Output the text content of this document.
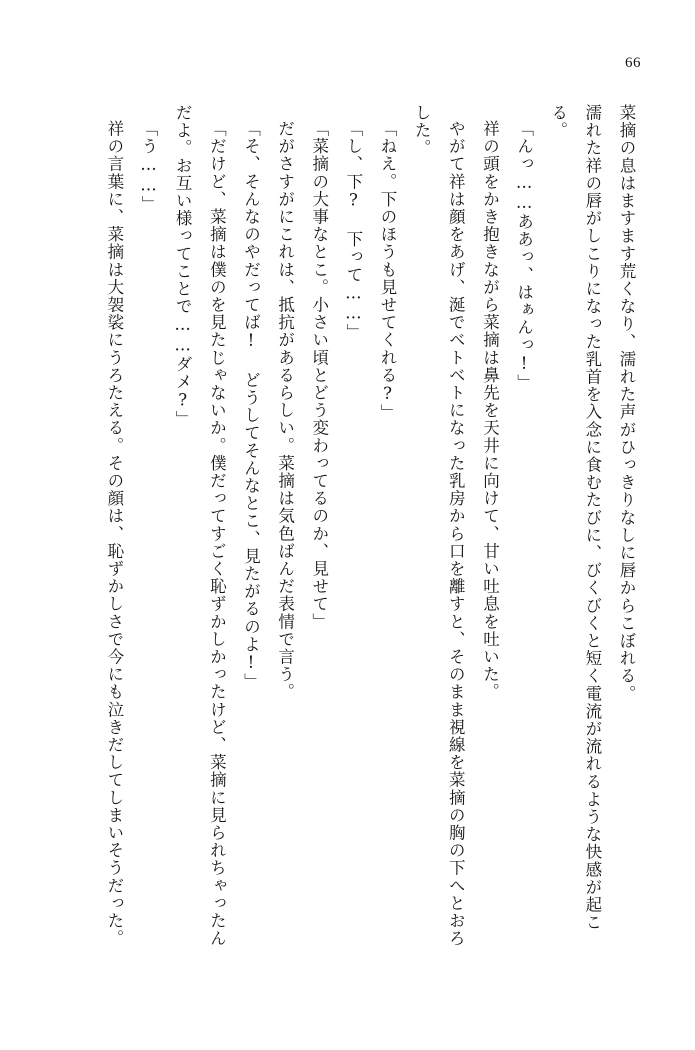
66

菜摘の息はますます荒くなり、濡れた声がひっきりなしに唇からこぼれる。

濡れた祥の唇がしこりになった乳首を入念に食むたびに、びくびくと短く電流が流れるような快感が起こる。

「んっ……ああっ、はぁんっ!」

祥の頭をかき抱きながら菜摘は鼻先を天井に向けて、甘い吐息を吐いた。

やがて祥は顔をあげ、涎でベトベトになった乳房から口を離すと、そのまま視線を菜摘の胸の下へとおろした。

「ねえ。下のほうも見せてくれる?」

「し、下? 下って……」

「菜摘の大事なとこ。小さい頃とどう変わってるのか、見せて」

だがさすがにこれは、抵抗があるらしい。菜摘は気色ばんだ表情で言う。

「そ、そんなのやだってば! どうしてそんなとこ、見たがるのよ!」

「だけど、菜摘は僕のを見たじゃないか。僕だってすごく恥ずかしかったけど、菜摘に見られちゃったんだよ。お互い様ってことで……ダメ?」

「う……」

祥の言葉に、菜摘は大袈裟にうろたえる。その顔は、恥ずかしさで今にも泣きだしてしまいそうだった。
